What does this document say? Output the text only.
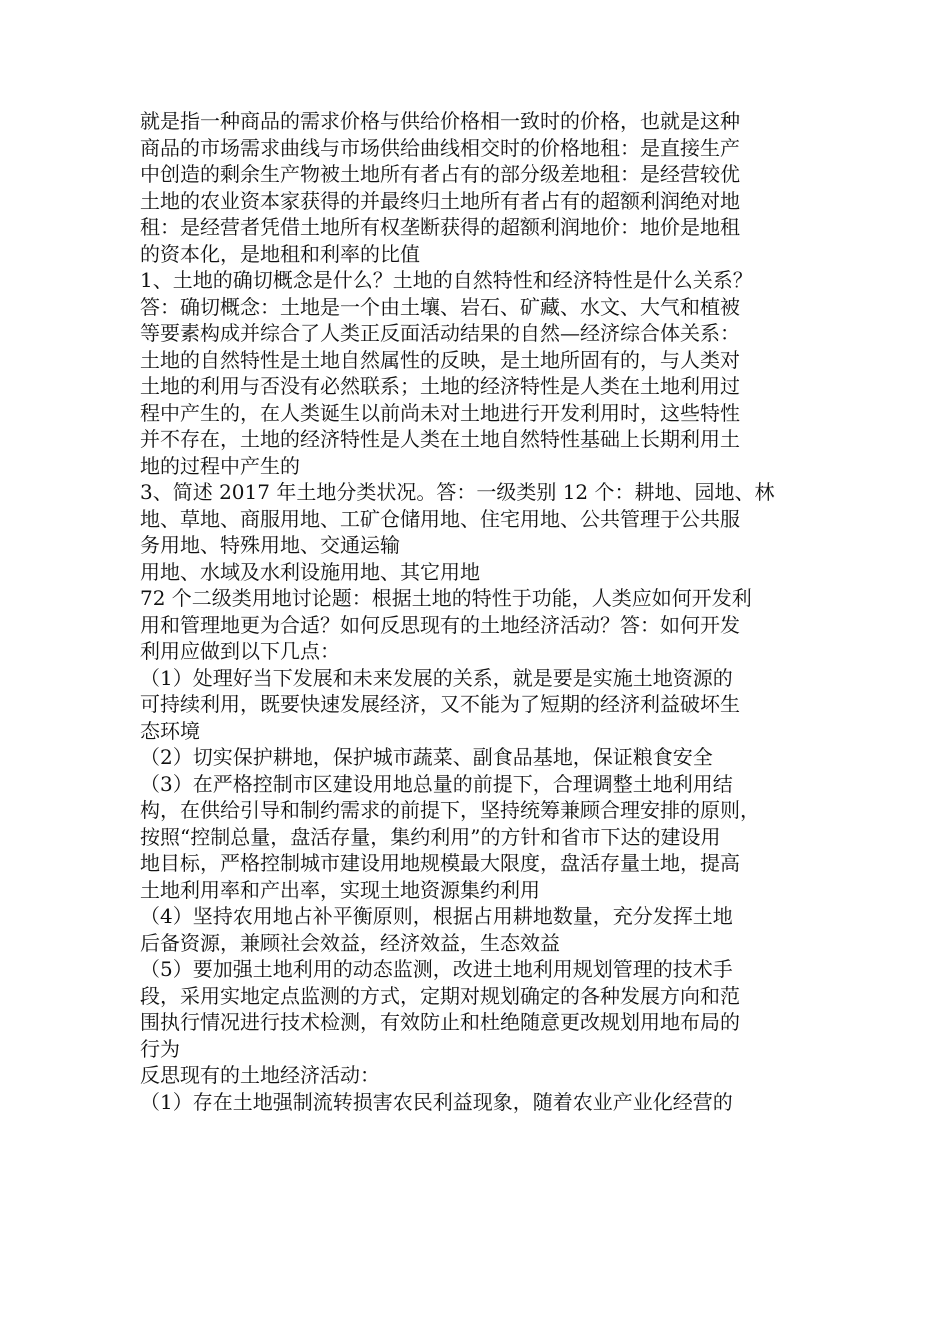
就是指一种商品的需求价格与供给价格相一致时的价格，也就是这种
商品的市场需求曲线与市场供给曲线相交时的价格地租：是直接生产
中创造的剩余生产物被土地所有者占有的部分级差地租：是经营较优
土地的农业资本家获得的并最终归土地所有者占有的超额利润绝对地
租：是经营者凭借土地所有权垄断获得的超额利润地价：地价是地租
的资本化，是地租和利率的比值
1、土地的确切概念是什么？土地的自然特性和经济特性是什么关系？
答：确切概念：土地是一个由土壤、岩石、矿藏、水文、大气和植被
等要素构成并综合了人类正反面活动结果的自然—经济综合体关系：
土地的自然特性是土地自然属性的反映，是土地所固有的，与人类对
土地的利用与否没有必然联系；土地的经济特性是人类在土地利用过
程中产生的，在人类诞生以前尚未对土地进行开发利用时，这些特性
并不存在，土地的经济特性是人类在土地自然特性基础上长期利用土
地的过程中产生的
3、简述 2017 年土地分类状况。答：一级类别 12 个：耕地、园地、林
地、草地、商服用地、工矿仓储用地、住宅用地、公共管理于公共服
务用地、特殊用地、交通运输
用地、水域及水利设施用地、其它用地
72 个二级类用地讨论题：根据土地的特性于功能，人类应如何开发利
用和管理地更为合适？如何反思现有的土地经济活动？答：如何开发
利用应做到以下几点：
（1）处理好当下发展和未来发展的关系，就是要是实施土地资源的
可持续利用，既要快速发展经济，又不能为了短期的经济利益破坏生
态环境
（2）切实保护耕地，保护城市蔬菜、副食品基地，保证粮食安全
（3）在严格控制市区建设用地总量的前提下，合理调整土地利用结
构，在供给引导和制约需求的前提下，坚持统筹兼顾合理安排的原则，
按照“控制总量，盘活存量，集约利用”的方针和省市下达的建设用
地目标，严格控制城市建设用地规模最大限度，盘活存量土地，提高
土地利用率和产出率，实现土地资源集约利用
（4）坚持农用地占补平衡原则，根据占用耕地数量，充分发挥土地
后备资源，兼顾社会效益，经济效益，生态效益
（5）要加强土地利用的动态监测，改进土地利用规划管理的技术手
段，采用实地定点监测的方式，定期对规划确定的各种发展方向和范
围执行情况进行技术检测，有效防止和杜绝随意更改规划用地布局的
行为
反思现有的土地经济活动：
（1）存在土地强制流转损害农民利益现象，随着农业产业化经营的
